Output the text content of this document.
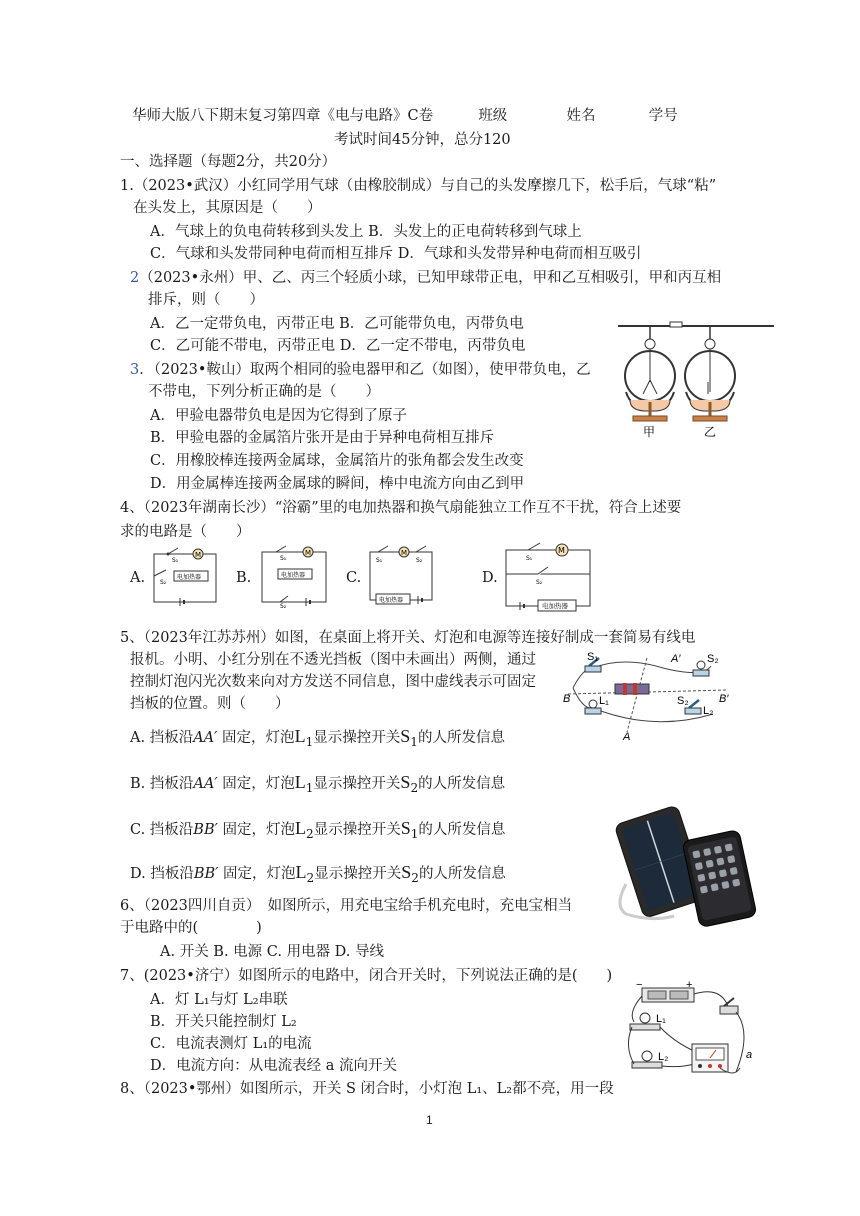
华师大版八下期末复习第四章《电与电路》C卷	班级	姓名	学号
考试时间45分钟，总分120
一、选择题（每题2分，共20分）
1.（2023•武汉）小红同学用气球（由橡胶制成）与自己的头发摩擦几下，松手后，气球“粘”
在头发上，其原因是（　　）
A．气球上的负电荷转移到头发上 B．头发上的正电荷转移到气球上
C．气球和头发带同种电荷而相互排斥 D．气球和头发带异种电荷而相互吸引
2（2023•永州）甲、乙、丙三个轻质小球，已知甲球带正电，甲和乙互相吸引，甲和丙互相
排斥，则（　　）
A．乙一定带负电，丙带正电 B．乙可能带负电，丙带负电
C．乙可能不带电，丙带正电 D．乙一定不带电，丙带负电
3．（2023•鞍山）取两个相同的验电器甲和乙（如图），使甲带负电，乙
不带电，下列分析正确的是（　　）
A．甲验电器带负电是因为它得到了原子
B．甲验电器的金属箔片张开是由于异种电荷相互排斥
C．用橡胶棒连接两金属球，金属箔片的张角都会发生改变
D．用金属棒连接两金属球的瞬间，棒中电流方向由乙到甲
甲	乙
4、（2023年湖南长沙）“浴霸”里的电加热器和换气扇能独立工作互不干扰，符合上述要
求的电路是（　　）
A.
S₁
M
S₂
电加热器 B.
S₁
M
电加热器
S₂
C.
S₁
M
S₂
电加热器
D.
S₁
M
S₂
电加热器
5、（2023年江苏苏州）如图，在桌面上将开关、灯泡和电源等连接好制成一套简易有线电
报机。小明、小红分别在不透光挡板（图中未画出）两侧，通过
控制灯泡闪光次数来向对方发送不同信息，图中虚线表示可固定
挡板的位置。则（　　）
S₁	A′ S₂
B	B′
L₁	S₂
L₂
A
A. 挡板沿AA′ 固定，灯泡$L_1$显示操控开关$S_1$的人所发信息
B. 挡板沿AA′ 固定，灯泡$L_1$显示操控开关$S_2$的人所发信息
C. 挡板沿BB′ 固定，灯泡$L_2$显示操控开关$S_1$的人所发信息
D. 挡板沿BB′ 固定，灯泡$L_2$显示操控开关$S_2$的人所发信息
6、（2023四川自贡）　如图所示，用充电宝给手机充电时，充电宝相当
于电路中的(　　　　)
A. 开关 B. 电源 C. 用电器 D. 导线
7、(2023•济宁）如图所示的电路中，闭合开关时，下列说法正确的是(　　)
A．灯 L₁与灯 L₂串联
B．开关只能控制灯 L₂
C．电流表测灯 L₁的电流
D．电流方向：从电流表经 a 流向开关
+
−
L₁
L₂	a
8、（2023•鄂州）如图所示，开关 S 闭合时，小灯泡 L₁、L₂都不亮，用一段
1
